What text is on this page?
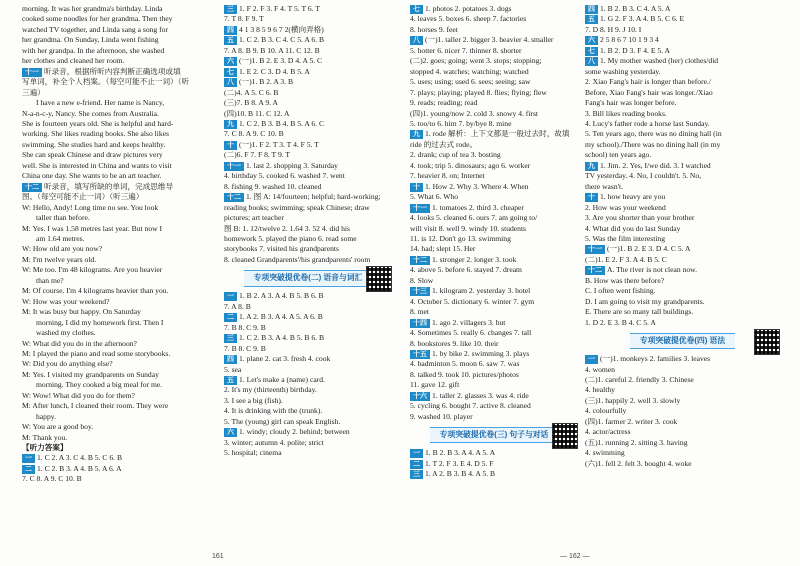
morning. It was her grandma's birthday. Linda
cooked some noodles for her grandma. Then they
watched TV together, and Linda sang a song for
her grandma. On Sunday, Linda went fishing
with her grandpa. In the afternoon, she washed
her clothes and cleaned her room.
十一 听录音，根据所听内容判断正确选项或填
写单词，补全个人档案。（每空可能不止一词）（听
三遍）
I have a new e-friend. Her name is Nancy,
N-a-n-c-y, Nancy. She comes from Australia.
She is fourteen years old. She is helpful and hard-
working. She likes reading books. She also likes
swimming. She studies hard and keeps healthy.
She can speak Chinese and draw pictures very
well. She is interested in China and wants to visit
China one day. She wants to be an art teacher.
十二 听录音，填写所缺的单词，完成思维导
图。（每空可能不止一词）（听三遍）
W: Hello, Andy! Long time no see. You look
taller than before.
M: Yes. I was 1.58 metres last year. But now I
am 1.64 metres.
W: How old are you now?
M: I'm twelve years old.
W: Me too. I'm 48 kilograms. Are you heavier
than me?
M: Of course. I'm 4 kilograms heavier than you.
W: How was your weekend?
M: It was busy but happy. On Saturday
morning, I did my homework first. Then I
washed my clothes.
W: What did you do in the afternoon?
M: I played the piano and read some storybooks.
W: Did you do anything else?
M: Yes. I visited my grandparents on Sunday
morning. They cooked a big meal for me.
W: Wow! What did you do for them?
M: After lunch, I cleaned their room. They were
happy.
W: You are a good boy.
M: Thank you.
【听力答案】
一 1. C 2. A 3. C 4. B 5. C 6. B
二 1. C 2. B 3. A 4. B 5. A 6. A
7. C 8. A 9. C 10. B
三 1. F 2. F 3. F 4. T 5. T 6. T
7. T 8. F 9. T
四 4 1 3 8 5 9 6 7 2(横向弄格)
五 1. C 2. B 3. C 4. C 5. A 6. B
7. A 8. B 9. B 10. A 11. C 12. B
六 (一)1. B 2. E 3. D 4. A 5. C
七 1. E 2. C 3. D 4. B 5. A
八 (一)1. B 2. A 3. B
(二)4. A 5. C 6. B
(三)7. B 8. A 9. A
(四)10. B 11. C 12. A
九 1. C 2. B 3. B 4. B 5. A 6. C
7. C 8. A 9. C 10. B
十 (一)1. F 2. T 3. T 4. F 5. T
(二)6. F 7. F 8. T 9. T
十一 1. last 2. shopping 3. Saturday
4. birthday 5. cooked 6. washed 7. went
8. fishing 9. washed 10. cleaned
十二 1. 图 A: 14/fourteen; helpful; hard-working;
reading books; swimming; speak Chinese; draw
pictures; art teacher
图 B: 1. 12/twelve 2. 1.64 3. 52 4. did his
homework 5. played the piano 6. read some
storybooks 7. visited his grandparents
8. cleaned Grandparents'/his grandparents' room
专项突破提优卷(二) 语音与词汇
一 1. B 2. A 3. A 4. B 5. B 6. B
7. A 8. B
二 1. A 2. B 3. A 4. A 5. A 6. B
7. B 8. C 9. B
三 1. C 2. B 3. A 4. B 5. B 6. B
7. B 8. C 9. B
四 1. plane 2. cat 3. fresh 4. cook
5. sea
五 1. Let's make a (name) card.
2. It's my (thirteenth) birthday.
3. I see a big (fish).
4. It is drinking with the (trunk).
5. The (young) girl can speak English.
六 1. windy; cloudy 2. behind; between
3. winter; autumn 4. polite; strict
5. hospital; cinema
七 1. photos 2. potatoes 3. dogs
4. leaves 5. boxes 6. sheep 7. factories
8. horses 9. feet
八 (一)1. taller 2. bigger 3. heavier 4. smaller
5. hotter 6. nicer 7. thinner 8. shorter
(二)2. goes; going; went 3. stops; stopping;
stopped 4. watches; watching; watched
5. uses; using; used 6. sees; seeing; saw
7. plays; playing; played 8. flies; flying; flew
9. reads; reading; read
(四)1. young/now 2. cold 3. snowy 4. first
5. too/to 6. him 7. by/bye 8. mine
九 1. rode 解析：上下文都是一般过去时，故填
ride 的过去式 rode。
2. drank; cup of tea 3. bosting
4. took; trip 5. dinosaurs; ago 6. worker
7. heavier 8. on; Internet
十 1. How 2. Why 3. Where 4. When
5. What 6. Who
十一 1. tomatoes 2. third 3. cheaper
4. looks 5. cleaned 6. ours 7. am going to/
will visit 8. well 9. windy 10. students
11. is 12. Don't go 13. swimming
14. had; slept 15. Her
十二 1. stronger 2. longer 3. took
4. above 5. before 6. stayed 7. dream
8. Slow
十三 1. kilogram 2. yesterday 3. hotel
4. October 5. dictionary 6. winter 7. gym
8. met
十四 1. ago 2. villagers 3. but
4. Sometimes 5. really 6. changes 7. tall
8. bookstores 9. like 10. their
十五 1. by bike 2. swimming 3. plays
4. badminton 5. moon 6. saw 7. was
8. talked 9. took 10. pictures/photos
11. gave 12. gift
十六 1. taller 2. glasses 3. was 4. ride
5. cycling 6. bought 7. active 8. cleaned
9. washed 10. player
专项突破提优卷(三) 句子与对话
一 1. B 2. B 3. A 4. A 5. A
二 1. T 2. F 3. E 4. D 5. F
三 1. A 2. B 3. B 4. A 5. B
四 1. B 2. B 3. C 4. A 5. A
五 1. G 2. F 3. A 4. B 5. C 6. E
7. D 8. H 9. J 10. I
六 2 5 8 6 7 10 1 9 3 4
七 1. B 2. D 3. F 4. E 5. A
八 1. My mother washed (her) clothes/did
some washing yesterday.
2. Xiao Fang's hair is longer than before./
Before, Xiao Fang's hair was longer./Xiao
Fang's hair was longer before.
3. Bill likes reading books.
4. Lucy's father rode a horse last Sunday.
5. Ten years ago, there was no dining hall (in
my school)./There was no dining hall (in my
school) ten years ago.
九 1. Jim. 2. Yes, I/we did. 3. I watched
TV yesterday. 4. No, I couldn't. 5. No,
there wasn't.
十 1. how heavy are you
2. How was your weekend
3. Are you shorter than your brother
4. What did you do last Sunday
5. Was the film interesting
十一 (一)1. B 2. E 3. D 4. C 5. A
(二)1. E 2. F 3. A 4. B 5. C
十二 A. The river is not clean now.
B. How was there before?
C. I often went fishing.
D. I am going to visit my grandparents.
E. There are so many tall buildings.
1. D 2. E 3. B 4. C 5. A
专项突破提优卷(四) 语法
一 (一)1. monkeys 2. families 3. leaves
4. women
(二)1. careful 2. friendly 3. Chinese
4. healthy
(三)1. happily 2. well 3. slowly
4. colourfully
(四)1. farmer 2. writer 3. cook
4. actor/actress
(五)1. running 2. sitting 3. having
4. swimming
(六)1. fell 2. felt 3. bought 4. woke
161	— 162 —
